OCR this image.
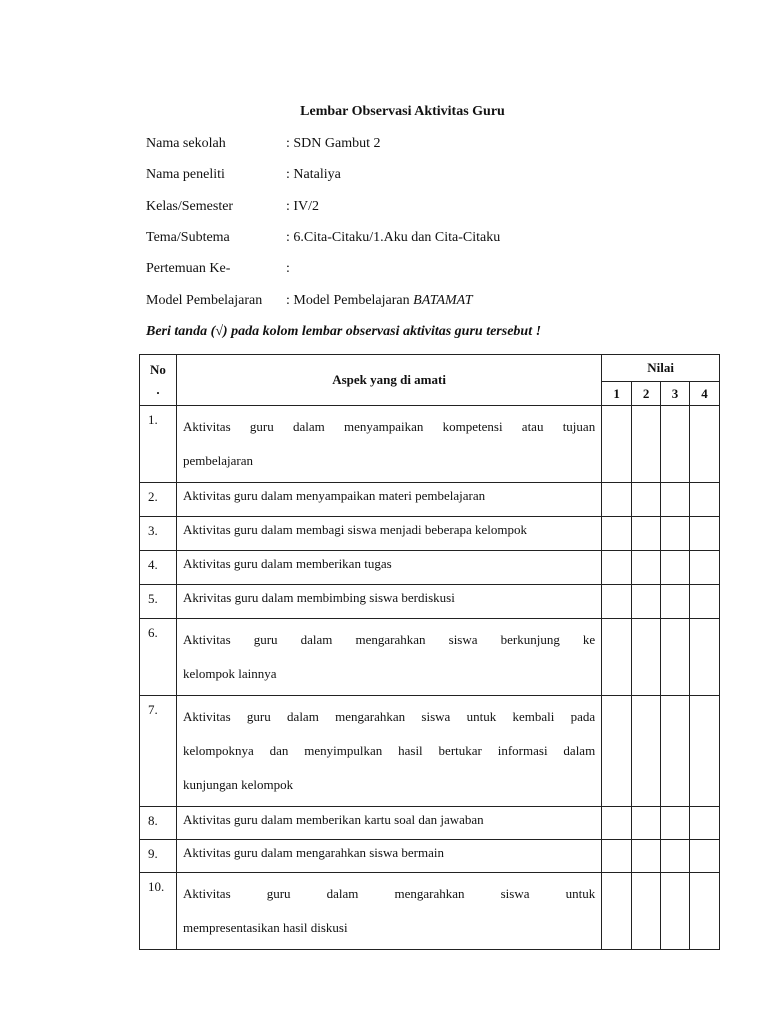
Lembar Observasi Aktivitas Guru
Nama sekolah	: SDN Gambut 2
Nama peneliti	: Nataliya
Kelas/Semester	: IV/2
Tema/Subtema	: 6.Cita-Citaku/1.Aku dan Cita-Citaku
Pertemuan Ke-	:
Model Pembelajaran	: Model Pembelajaran BATAMAT
Beri tanda (√) pada kolom lembar observasi aktivitas guru tersebut !
No
.	Aspek yang di amati	Nilai			
		1	2	3	4
1.	Aktivitas guru dalam menyampaikan kompetensi atau tujuan
pembelajaran				

2.	Aktivitas guru dalam menyampaikan materi pembelajaran				

3.	Aktivitas guru dalam membagi siswa menjadi beberapa kelompok				

4.	Aktivitas guru dalam memberikan tugas				

5.	Akrivitas guru dalam membimbing siswa berdiskusi				

6.	Aktivitas guru dalam mengarahkan siswa berkunjung ke
kelompok lainnya				

7.	Aktivitas guru dalam mengarahkan siswa untuk kembali pada
kelompoknya dan menyimpulkan hasil bertukar informasi dalam
kunjungan kelompok				

8.	Aktivitas guru dalam memberikan kartu soal dan jawaban				

9.	Aktivitas guru dalam mengarahkan siswa bermain				

10.	Aktivitas guru dalam mengarahkan siswa untuk
mempresentasikan hasil diskusi				
